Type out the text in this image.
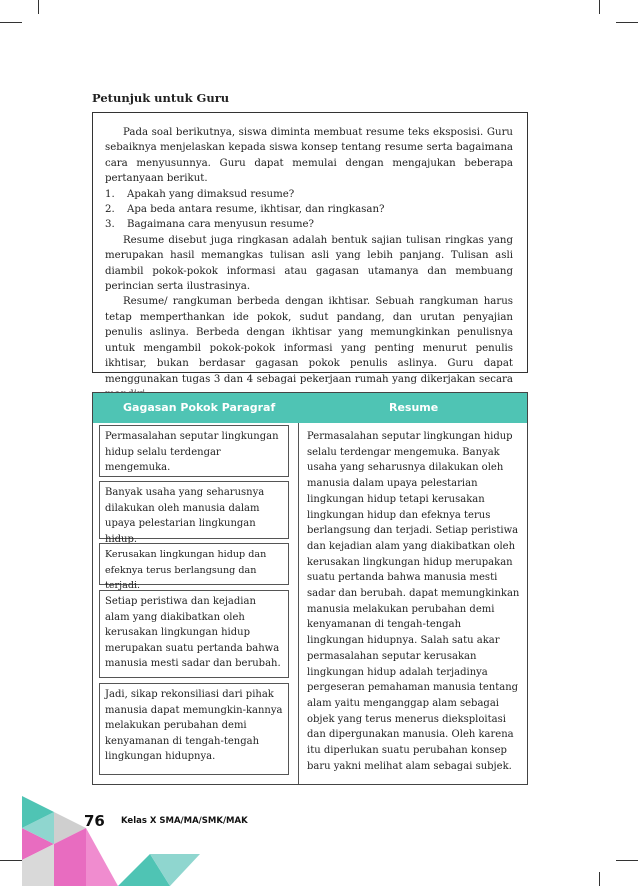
Petunjuk untuk Guru

Pada soal berikutnya, siswa diminta membuat resume teks eksposisi. Guru sebaiknya menjelaskan kepada siswa konsep tentang resume serta bagaimana cara menyusunnya. Guru dapat memulai dengan mengajukan beberapa pertanyaan berikut.

1.	Apakah yang dimaksud resume?
2.	Apa beda antara resume, ikhtisar, dan ringkasan?
3.	Bagaimana cara menyusun resume?

Resume disebut juga ringkasan adalah bentuk sajian tulisan ringkas yang merupakan hasil memangkas tulisan asli yang lebih panjang. Tulisan asli diambil pokok-pokok informasi atau gagasan utamanya dan membuang perincian serta ilustrasinya.

Resume/ rangkuman berbeda dengan ikhtisar. Sebuah rangkuman harus tetap memperthankan ide pokok, sudut pandang, dan urutan penyajian penulis aslinya. Berbeda dengan ikhtisar yang memungkinkan penulisnya untuk mengambil pokok-pokok informasi yang penting menurut penulis ikhtisar, bukan berdasar gagasan pokok penulis aslinya. Guru dapat menggunakan tugas 3 dan 4 sebagai pekerjaan rumah yang dikerjakan secara

Gagasan Pokok Paragraf	Resume
Permasalahan seputar lingkungan hidup selalu terdengar mengemuka.
Banyak usaha yang seharusnya dilakukan oleh manusia dalam upaya pelestarian lingkungan hidup.
Kerusakan lingkungan hidup dan efeknya terus berlangsung dan terjadi.
Setiap peristiwa dan kejadian alam yang diakibatkan oleh kerusakan lingkungan hidup merupakan suatu pertanda bahwa manusia mesti sadar dan berubah.
Jadi, sikap rekonsiliasi dari pihak manusia dapat memungkin-kannya melakukan perubahan demi kenyamanan di tengah-tengah lingkungan hidupnya.
Permasalahan seputar lingkungan hidup selalu terdengar mengemuka. Banyak usaha yang seharusnya dilakukan oleh manusia dalam upaya pelestarian lingkungan hidup tetapi kerusakan lingkungan hidup dan efeknya terus berlangsung dan terjadi. Setiap peristiwa dan kejadian alam yang diakibatkan oleh kerusakan lingkungan hidup merupakan suatu pertanda bahwa manusia mesti sadar dan berubah. dapat memungkinkan manusia melakukan perubahan demi kenyamanan di tengah-tengah lingkungan hidupnya. Salah satu akar permasalahan seputar kerusakan lingkungan hidup adalah terjadinya pergeseran pemahaman manusia tentang alam yaitu menganggap alam sebagai objek yang terus menerus dieksploitasi dan dipergunakan manusia. Oleh karena itu diperlukan suatu perubahan konsep baru yakni melihat alam sebagai subjek.
76 Kelas X SMA/MA/SMK/MAK
